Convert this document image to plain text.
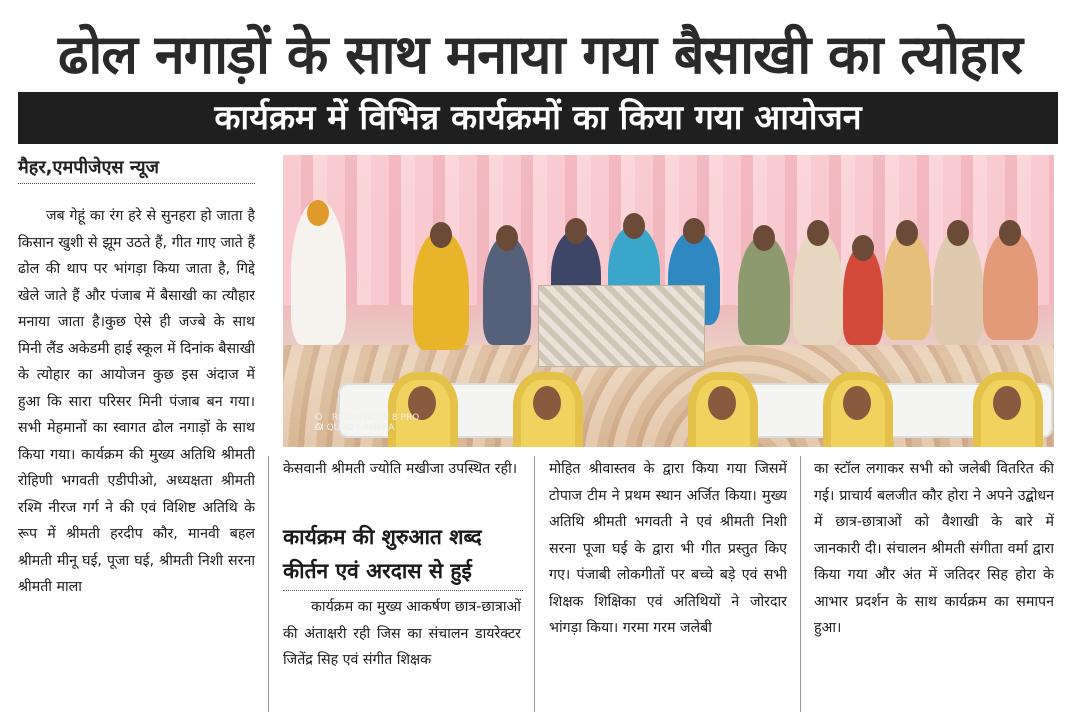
ढोल नगाड़ों के साथ मनाया गया बैसाखी का त्योहार
कार्यक्रम में विभिन्न कार्यक्रमों का किया गया आयोजन
मैहर,एमपीजेएस न्यूज
REDMI NOTE 8 PRO
AI QUAD CAMERA

जब गेहूं का रंग हरे से सुनहरा हो जाता है किसान खुशी से झूम उठते हैं, गीत गाए जाते हैं ढोल की थाप पर भांगड़ा किया जाता है, गिद्दे खेले जाते हैं और पंजाब में बैसाखी का त्यौहार मनाया जाता है।कुछ ऐसे ही जज्बे के साथ मिनी लैंड अकेडमी हाई स्कूल में दिनांक बैसाखी के त्योहार का आयोजन कुछ इस अंदाज में हुआ कि सारा परिसर मिनी पंजाब बन गया। सभी मेहमानों का स्वागत ढोल नगाड़ों के साथ किया गया। कार्यक्रम की मुख्य अतिथि श्रीमती रोहिणी भगवती एडीपीओ, अध्यक्षता श्रीमती रश्मि नीरज गर्ग ने की एवं विशिष्ट अतिथि के रूप में श्रीमती हरदीप कौर, मानवी बहल श्रीमती मीनू घई, पूजा घई, श्रीमती निशी सरना श्रीमती माला

केसवानी श्रीमती ज्योति मखीजा उपस्थित रही।

कार्यक्रम की शुरुआत शब्द कीर्तन एवं अरदास से हुई

कार्यक्रम का मुख्य आकर्षण छात्र-छात्राओं की अंताक्षरी रही जिस का संचालन डायरेक्टर जितेंद्र सिह एवं संगीत शिक्षक

मोहित श्रीवास्तव के द्वारा किया गया जिसमें टोपाज टीम ने प्रथम स्थान अर्जित किया। मुख्य अतिथि श्रीमती भगवती ने एवं श्रीमती निशी सरना पूजा घई के द्वारा भी गीत प्रस्तुत किए गए। पंजाबी लोकगीतों पर बच्चे बड़े एवं सभी शिक्षक शिक्षिका एवं अतिथियों ने जोरदार भांगड़ा किया। गरमा गरम जलेबी

का स्टॉल लगाकर सभी को जलेबी वितरित की गई। प्राचार्य बलजीत कौर होरा ने अपने उद्बोधन में छात्र-छात्राओं को वैशाखी के बारे में जानकारी दी। संचालन श्रीमती संगीता वर्मा द्वारा किया गया और अंत में जतिदर सिह होरा के आभार प्रदर्शन के साथ कार्यक्रम का समापन हुआ।
